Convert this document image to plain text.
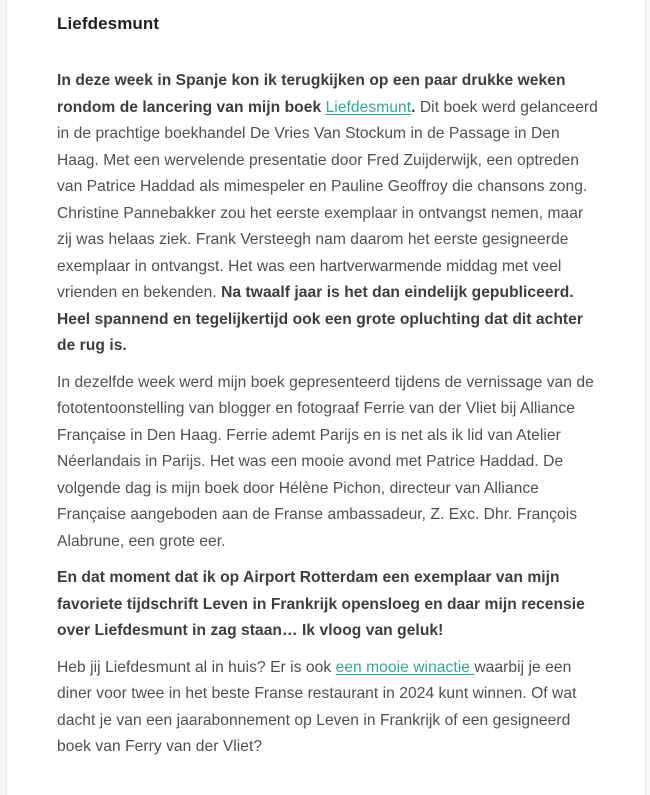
Liefdesmunt

In deze week in Spanje kon ik terugkijken op een paar drukke weken rondom de lancering van mijn boek Liefdesmunt. Dit boek werd gelanceerd in de prachtige boekhandel De Vries Van Stockum in de Passage in Den Haag. Met een wervelende presentatie door Fred Zuijderwijk, een optreden van Patrice Haddad als mimespeler en Pauline Geoffroy die chansons zong. Christine Pannebakker zou het eerste exemplaar in ontvangst nemen, maar zij was helaas ziek. Frank Versteegh nam daarom het eerste gesigneerde exemplaar in ontvangst. Het was een hartverwarmende middag met veel vrienden en bekenden. Na twaalf jaar is het dan eindelijk gepubliceerd. Heel spannend en tegelijkertijd ook een grote opluchting dat dit achter de rug is.

In dezelfde week werd mijn boek gepresenteerd tijdens de vernissage van de fototentoonstelling van blogger en fotograaf Ferrie van der Vliet bij Alliance Française in Den Haag. Ferrie ademt Parijs en is net als ik lid van Atelier Néerlandais in Parijs. Het was een mooie avond met Patrice Haddad. De volgende dag is mijn boek door Hélène Pichon, directeur van Alliance Française aangeboden aan de Franse ambassadeur, Z. Exc. Dhr. François Alabrune, een grote eer.

En dat moment dat ik op Airport Rotterdam een exemplaar van mijn favoriete tijdschrift Leven in Frankrijk opensloeg en daar mijn recensie over Liefdesmunt in zag staan… Ik vloog van geluk!

Heb jij Liefdesmunt al in huis? Er is ook een mooie winactie waarbij je een diner voor twee in het beste Franse restaurant in 2024 kunt winnen. Of wat dacht je van een jaarabonnement op Leven in Frankrijk of een gesigneerd boek van Ferry van der Vliet?
